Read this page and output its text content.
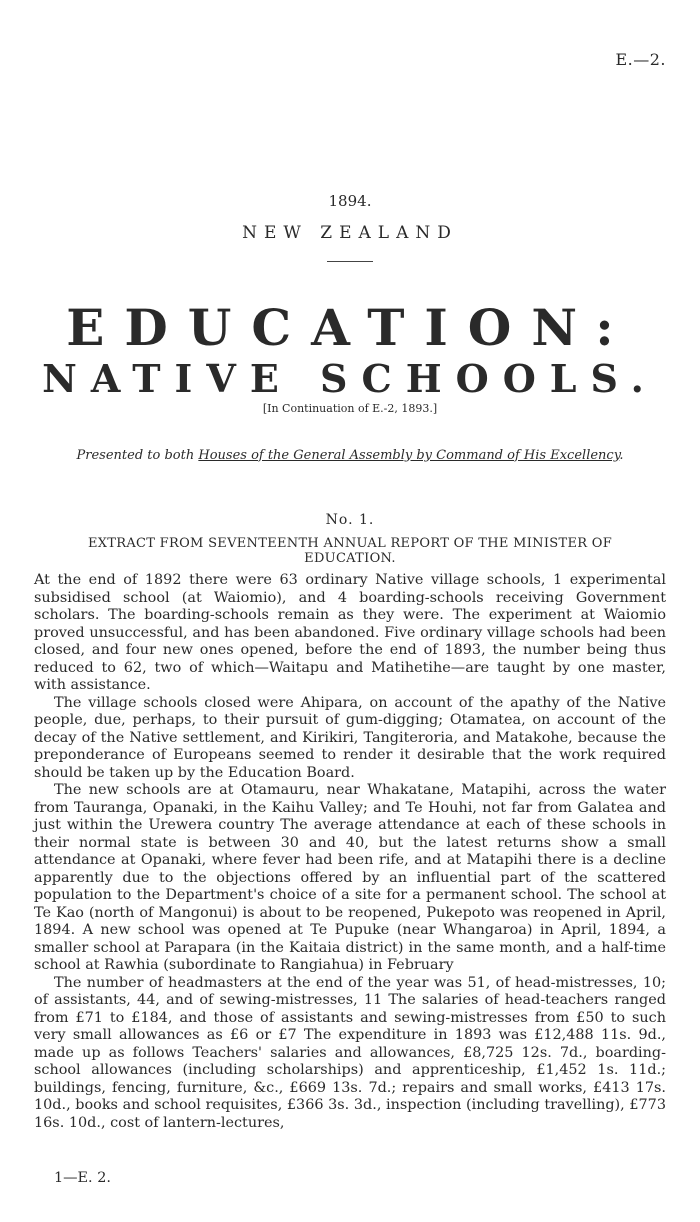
E.—2.
1894.
NEW ZEALAND
EDUCATION:
NATIVE SCHOOLS.
[In Continuation of E.-2, 1893.]
Presented to both Houses of the General Assembly by Command of His Excellency.
No. 1.
EXTRACT FROM SEVENTEENTH ANNUAL REPORT OF THE MINISTER OF EDUCATION.

At the end of 1892 there were 63 ordinary Native village schools, 1 experimental subsidised school (at Waiomio), and 4 boarding-schools receiving Government scholars. The boarding-schools remain as they were. The experiment at Waiomio proved unsuccessful, and has been abandoned. Five ordinary village schools had been closed, and four new ones opened, before the end of 1893, the number being thus reduced to 62, two of which—Waitapu and Matihetihe—are taught by one master, with assistance.

The village schools closed were Ahipara, on account of the apathy of the Native people, due, perhaps, to their pursuit of gum-digging; Otamatea, on account of the decay of the Native settlement, and Kirikiri, Tangiteroria, and Matakohe, because the preponderance of Europeans seemed to render it desirable that the work required should be taken up by the Education Board.

The new schools are at Otamauru, near Whakatane, Matapihi, across the water from Tauranga, Opanaki, in the Kaihu Valley; and Te Houhi, not far from Galatea and just within the Urewera country The average attendance at each of these schools in their normal state is between 30 and 40, but the latest returns show a small attendance at Opanaki, where fever had been rife, and at Matapihi there is a decline apparently due to the objections offered by an influential part of the scattered population to the Department's choice of a site for a permanent school. The school at Te Kao (north of Mangonui) is about to be reopened, Pukepoto was reopened in April, 1894. A new school was opened at Te Pupuke (near Whangaroa) in April, 1894, a smaller school at Parapara (in the Kaitaia district) in the same month, and a half-time school at Rawhia (subordinate to Rangiahua) in February

The number of headmasters at the end of the year was 51, of head-mistresses, 10; of assistants, 44, and of sewing-mistresses, 11 The salaries of head-teachers ranged from £71 to £184, and those of assistants and sewing-mistresses from £50 to such very small allowances as £6 or £7 The expenditure in 1893 was £12,488 11s. 9d., made up as follows Teachers' salaries and allowances, £8,725 12s. 7d., boarding-school allowances (including scholarships) and apprenticeship, £1,452 1s. 11d.; buildings, fencing, furniture, &c., £669 13s. 7d.; repairs and small works, £413 17s. 10d., books and school requisites, £366 3s. 3d., inspection (including travelling), £773 16s. 10d., cost of lantern-lectures,

1—E. 2.
